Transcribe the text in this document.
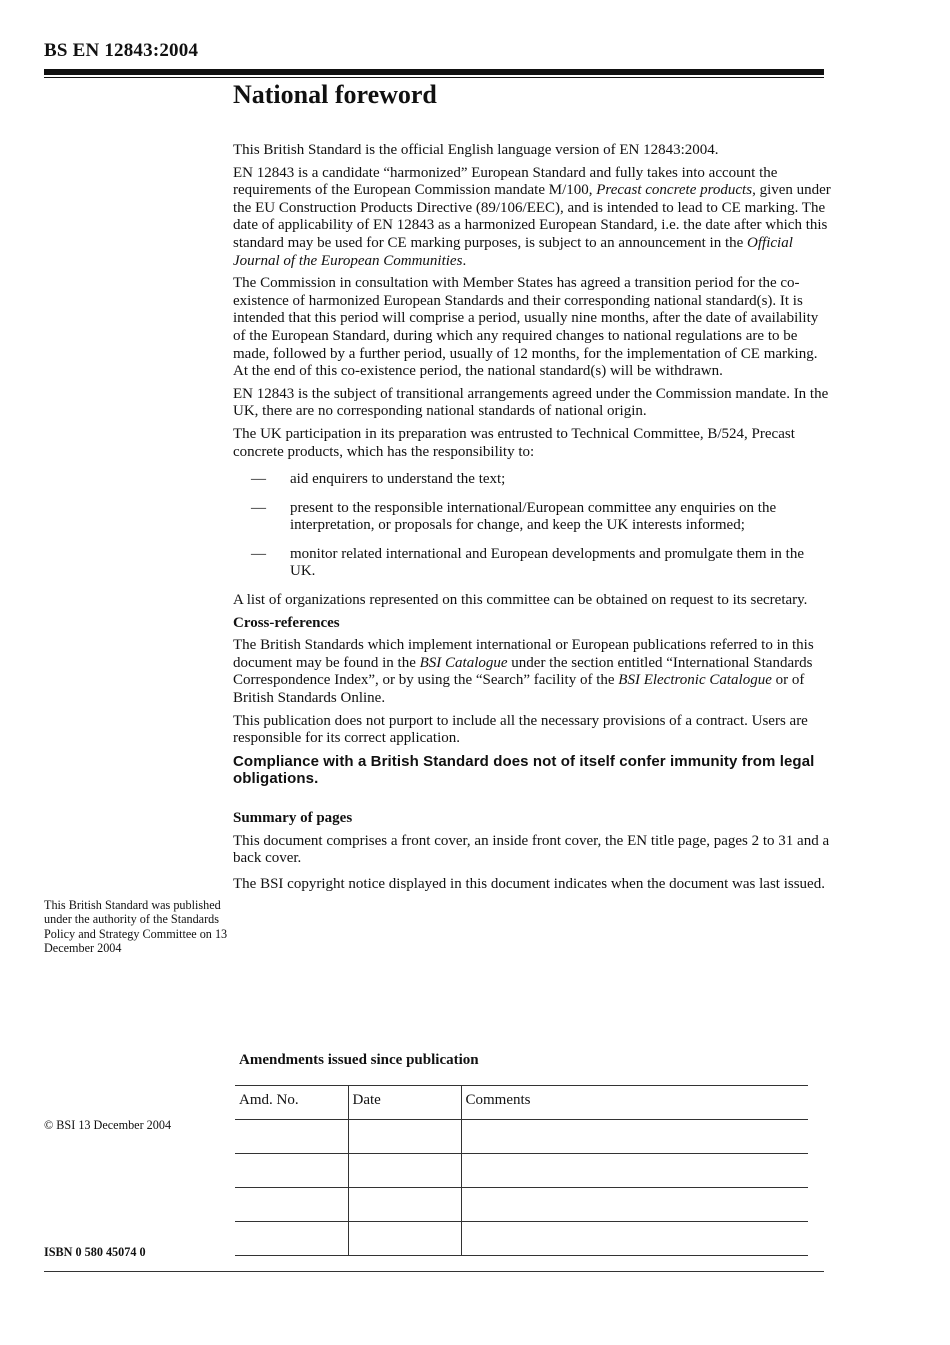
BS EN 12843:2004
National foreword

This British Standard is the official English language version of EN 12843:2004.

EN 12843 is a candidate “harmonized” European Standard and fully takes into account the requirements of the European Commission mandate M/100, Precast concrete products, given under the EU Construction Products Directive (89/106/EEC), and is intended to lead to CE marking. The date of applicability of EN 12843 as a harmonized European Standard, i.e. the date after which this standard may be used for CE marking purposes, is subject to an announcement in the Official Journal of the European Communities.

The Commission in consultation with Member States has agreed a transition period for the co-existence of harmonized European Standards and their corresponding national standard(s). It is intended that this period will comprise a period, usually nine months, after the date of availability of the European Standard, during which any required changes to national regulations are to be made, followed by a further period, usually of 12 months, for the implementation of CE marking. At the end of this co-existence period, the national standard(s) will be withdrawn.

EN 12843 is the subject of transitional arrangements agreed under the Commission mandate. In the UK, there are no corresponding national standards of national origin.

The UK participation in its preparation was entrusted to Technical Committee, B/524, Precast concrete products, which has the responsibility to:

—	aid enquirers to understand the text;
—	present to the responsible international/European committee any enquiries on the interpretation, or proposals for change, and keep the UK interests informed;
—	monitor related international and European developments and promulgate them in the UK.

A list of organizations represented on this committee can be obtained on request to its secretary.

Cross-references

The British Standards which implement international or European publications referred to in this document may be found in the BSI Catalogue under the section entitled “International Standards Correspondence Index”, or by using the “Search” facility of the BSI Electronic Catalogue or of British Standards Online.

This publication does not purport to include all the necessary provisions of a contract. Users are responsible for its correct application.

Compliance with a British Standard does not of itself confer immunity from legal obligations.

Summary of pages

This document comprises a front cover, an inside front cover, the EN title page, pages 2 to 31 and a back cover.

The BSI copyright notice displayed in this document indicates when the document was last issued.

This British Standard was published under the authority of the Standards Policy and Strategy Committee on 13 December 2004
© BSI 13 December 2004
ISBN 0 580 45074 0
Amendments issued since publication
Amd. No.	Date	Comments
